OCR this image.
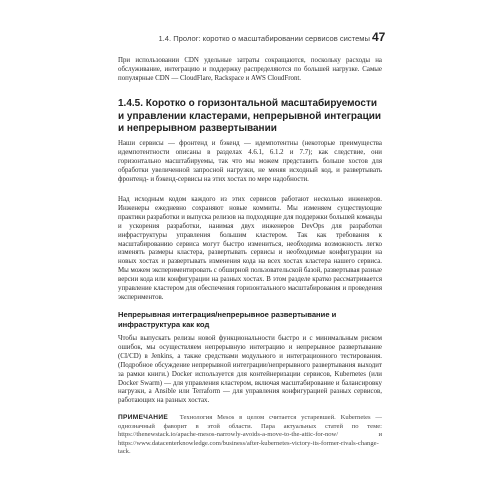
1.4. Пролог: коротко о масштабировании сервисов системы 47

При использовании CDN удельные затраты сокращаются, поскольку расходы на обслуживание, интеграцию и поддержку распределяются по большей нагрузке. Самые популярные CDN — CloudFlare, Rackspace и AWS CloudFront.

1.4.5. Коротко о горизонтальной масштабируемости и управлении кластерами, непрерывной интеграции и непрерывном развертывании

Наши сервисы — фронтенд и бэкенд — идемпотентны (некоторые преимущества идемпотентности описаны в разделах 4.6.1, 6.1.2 и 7.7); как следствие, они горизонтально масштабируемы, так что мы можем представить больше хостов для обработки увеличенной запросной нагрузки, не меняя исходный код, и развертывать фронтенд- и бэкенд-сервисы на этих хостах по мере надобности.

Над исходным кодом каждого из этих сервисов работают несколько инженеров. Инженеры ежедневно сохраняют новые коммиты. Мы изменяем существующие практики разработки и выпуска релизов на подходящие для поддержки большей команды и ускорения разработки, нанимая двух инженеров DevOps для разработки инфраструктуры управления большим кластером. Так как требования к масштабированию сервиса могут быстро измениться, необходима возможность легко изменять размеры кластера, развертывать сервисы и необходимые конфигурации на новых хостах и развертывать изменения кода на всех хостах кластера нашего сервиса. Мы можем экспериментировать с обширной пользовательской базой, развертывая разные версии кода или конфигурации на разных хостах. В этом разделе кратко рассматривается управление кластером для обеспечения горизонтального масштабирования и проведения экспериментов.

Непрерывная интеграция/непрерывное развертывание и инфраструктура как код

Чтобы выпускать релизы новой функциональности быстро и с минимальным риском ошибок, мы осуществляем непрерывную интеграцию и непрерывное развертывание (CI/CD) в Jenkins, а также средствами модульного и интеграционного тестирования. (Подробное обсуждение непрерывной интеграции/непрерывного развертывания выходит за рамки книги.) Docker используется для контейнеризации сервисов, Kubernetes (или Docker Swarm) — для управления кластером, включая масштабирование и балансировку нагрузки, а Ansible или Terraform — для управления конфигурацией разных сервисов, работающих на разных хостах.

ПРИМЕЧАНИЕ  Технология Mesos в целом считается устаревшей. Kubernetes — однозначный фаворит в этой области. Пара актуальных статей по теме: https://thenewstack.io/apache-mesos-narrowly-avoids-a-move-to-the-attic-for-now/ и https://www.datacenterknowledge.com/business/after-kubernetes-victory-its-former-rivals-change-tack.
